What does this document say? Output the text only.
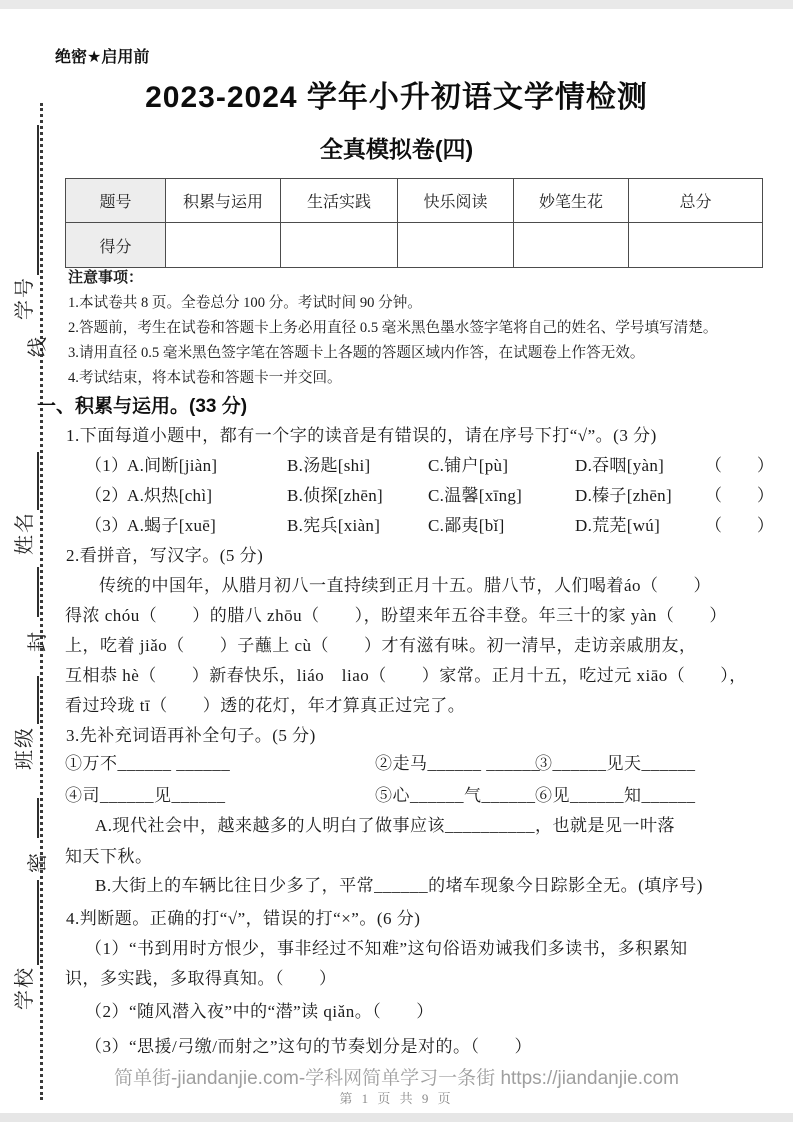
学校
密
班级
封
姓名
线
学号
绝密★启用前
2023-2024 学年小升初语文学情检测
全真模拟卷(四)
题号	积累与运用	生活实践	快乐阅读	妙笔生花	总分
得分					
注意事项：
1.本试卷共 8 页。全卷总分 100 分。考试时间 90 分钟。
2.答题前，考生在试卷和答题卡上务必用直径 0.5 毫米黑色墨水签字笔将自己的姓名、学号填写清楚。
3.请用直径 0.5 毫米黑色签字笔在答题卡上各题的答题区域内作答，在试题卷上作答无效。
4.考试结束，将本试卷和答题卡一并交回。
一、积累与运用。(33 分)
1.下面每道小题中，都有一个字的读音是有错误的，请在序号下打“√”。(3 分)
（1）
A.间断[jiàn]	B.汤匙[shi]	C.铺户[pù]	D.吞咽[yàn]	（　　）
（2）
A.炽热[chì]	B.侦探[zhēn]	C.温馨[xīng]	D.榛子[zhēn]	（　　）
（3）
A.蝎子[xuē]	B.宪兵[xiàn]	C.鄙夷[bǐ]	D.荒芜[wú]	（　　）
2.看拼音，写汉字。(5 分)
传统的中国年，从腊月初八一直持续到正月十五。腊八节，人们喝着áo（　　）
得浓 chóu（　　）的腊八 zhōu（　　），盼望来年五谷丰登。年三十的家 yàn（　　）
上，吃着 jiǎo（　　）子蘸上 cù（　　）才有滋有味。初一清早，走访亲戚朋友，
互相恭 hè（　　）新春快乐，liáo　liao（　　）家常。正月十五，吃过元 xiāo（　　），
看过玲珑 tī（　　）透的花灯，年才算真正过完了。
3.先补充词语再补全句子。(5 分)
①万不______ ______	②走马______ ______
③______见天______
④司______见______	⑤心______气______ ⑥见______知______
A.现代社会中，越来越多的人明白了做事应该__________，也就是见一叶落
知天下秋。
B.大街上的车辆比往日少多了，平常______的堵车现象今日踪影全无。(填序号)
4.判断题。正确的打“√”，错误的打“×”。(6 分)
（1）“书到用时方恨少，事非经过不知难”这句俗语劝诫我们多读书，多积累知
识，多实践，多取得真知。（　　）
（2）“随风潜入夜”中的“潜”读 qiǎn。（　　）
（3）“思援/弓缴/而射之”这句的节奏划分是对的。（　　）
简单街-jiandanjie.com-学科网简单学习一条街 https://jiandanjie.com
第 1 页 共 9 页
